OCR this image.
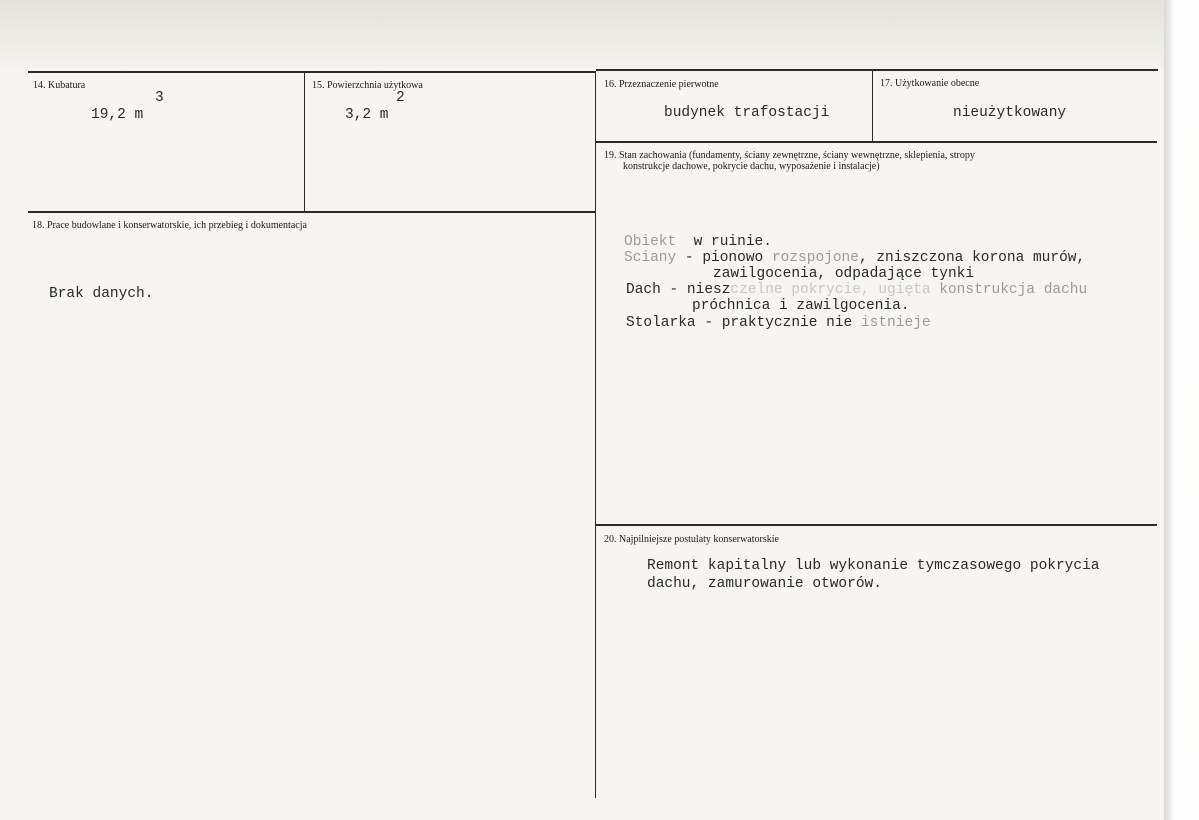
14. Kubatura
3
19,2 m
15. Powierzchnia użytkowa
2
3,2 m
16. Przeznaczenie pierwotne
budynek trafostacji
17. Użytkowanie obecne
nieużytkowany
18. Prace budowlane i konserwatorskie, ich przebieg i dokumentacja
Brak danych.
19. Stan zachowania (fundamenty, ściany zewnętrzne, ściany wewnętrzne, sklepienia, stropy
konstrukcje dachowe, pokrycie dachu, wyposażenie i instalacje)
Obiekt  w ruinie.
Sciany - pionowo rozspojone, zniszczona korona murów,
zawilgocenia, odpadające tynki
Dach - nieszczelne pokrycie, ugięta konstrukcja dachu
próchnica i zawilgocenia.
Stolarka - praktycznie nie istnieje
20. Najpilniejsze postulaty konserwatorskie
Remont kapitalny lub wykonanie tymczasowego pokrycia
dachu, zamurowanie otworów.
